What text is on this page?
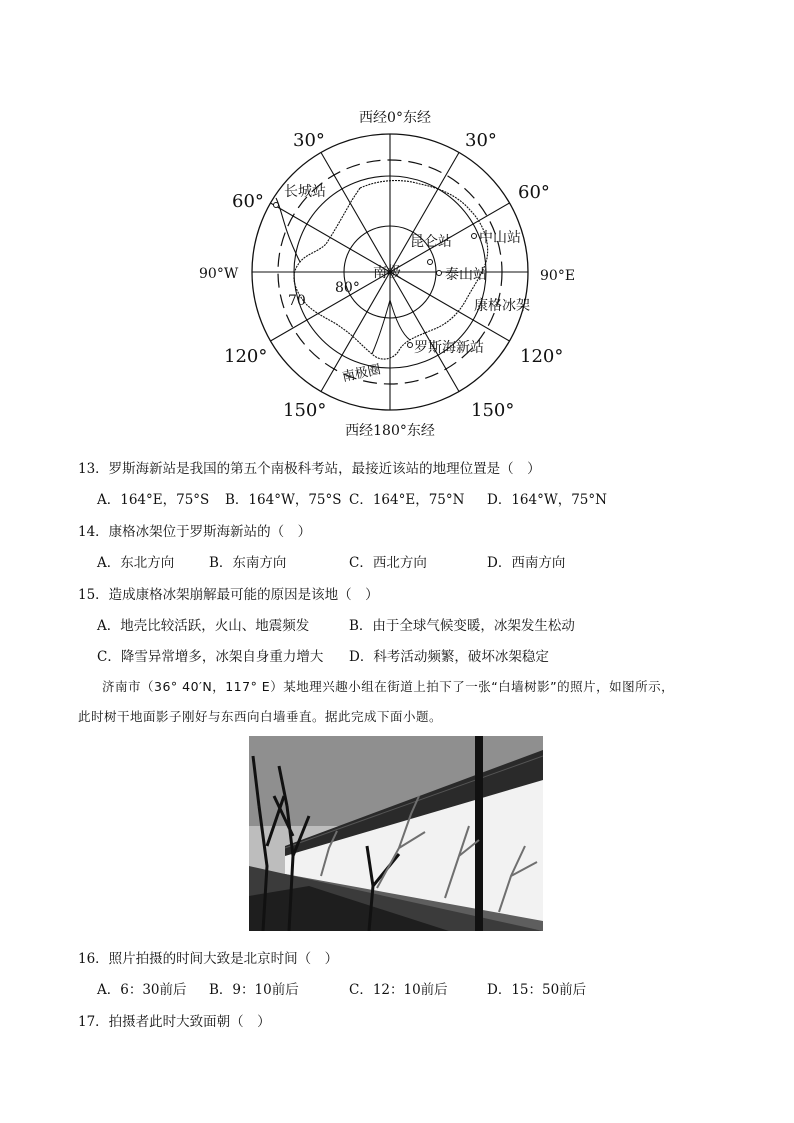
西经0°东经
西经180°东经
90°W	90°E
30°	30°
60°	60°
120°	120°
150°	150°
70
80°
长城站
昆仑站 中山站
泰山站
康格冰架
罗斯海新站
南极
南极圈
13．罗斯海新站是我国的第五个南极科考站，最接近该站的地理位置是（　）
A．164°E，75°S B．164°W，75°S C．164°E，75°N D．164°W，75°N
14．康格冰架位于罗斯海新站的（　）
A．东北方向	B．东南方向	C．西北方向	D．西南方向
15．造成康格冰架崩解最可能的原因是该地（　）
A．地壳比较活跃，火山、地震频发	B．由于全球气候变暖，冰架发生松动
C．降雪异常增多，冰架自身重力增大 D．科考活动频繁，破坏冰架稳定
济南市（36° 40′N，117° E）某地理兴趣小组在街道上拍下了一张“白墙树影”的照片，如图所示，
此时树干地面影子刚好与东西向白墙垂直。据此完成下面小题。
16．照片拍摄的时间大致是北京时间（　）
A．6：30前后 B．9：10前后	C．12：10前后	D．15：50前后
17．拍摄者此时大致面朝（　）
